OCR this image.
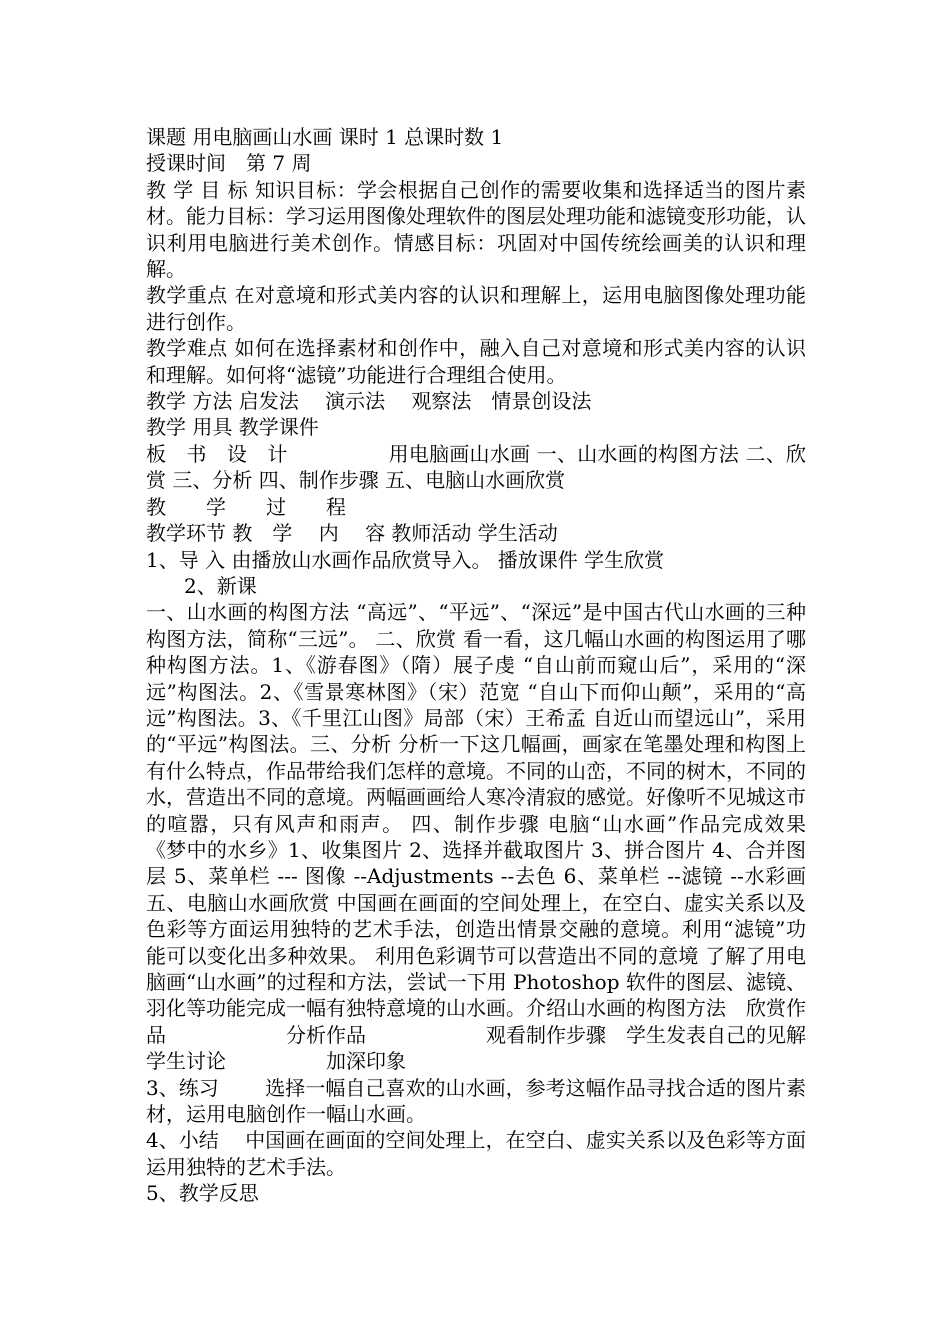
课题 用电脑画山水画 课时 1 总课时数 1

授课时间　第 7 周

教 学 目 标 知识目标：学会根据自己创作的需要收集和选择适当的图片素材。能力目标：学习运用图像处理软件的图层处理功能和滤镜变形功能，认识利用电脑进行美术创作。情感目标：巩固对中国传统绘画美的认识和理解。

教学重点 在对意境和形式美内容的认识和理解上，运用电脑图像处理功能进行创作。

教学难点 如何在选择素材和创作中，融入自己对意境和形式美内容的认识和理解。如何将“滤镜”功能进行合理组合使用。

教学 方法 启发法　 演示法　 观察法　情景创设法

教学 用具 教学课件

板　书　设　计　　　　　用电脑画山水画 一、山水画的构图方法 二、欣赏 三、分析 四、制作步骤 五、电脑山水画欣赏

教　　学　　过　　程

教学环节 教　学　 内　 容 教师活动 学生活动

1、导 入 由播放山水画作品欣赏导入。 播放课件 学生欣赏

2、新课

一、山水画的构图方法 “高远”、“平远”、“深远”是中国古代山水画的三种构图方法，简称“三远”。 二、欣赏 看一看，这几幅山水画的构图运用了哪种构图方法。1、《游春图》（隋）展子虔 “自山前而窥山后”，采用的“深远”构图法。2、《雪景寒林图》（宋）范宽 “自山下而仰山颠”，采用的“高远”构图法。3、《千里江山图》局部（宋）王希孟 自近山而望远山”，采用的“平远”构图法。三、分析 分析一下这几幅画，画家在笔墨处理和构图上有什么特点，作品带给我们怎样的意境。不同的山峦，不同的树木，不同的水，营造出不同的意境。两幅画画给人寒冷清寂的感觉。好像听不见城这市的喧嚣，只有风声和雨声。 四、制作步骤 电脑“山水画”作品完成效果　　《梦中的水乡》1、收集图片 2、选择并截取图片 3、拼合图片 4、合并图层 5、菜单栏 --- 图像 --Adjustments --去色 6、菜单栏 --滤镜 --水彩画 五、电脑山水画欣赏 中国画在画面的空间处理上，在空白、虚实关系以及色彩等方面运用独特的艺术手法，创造出情景交融的意境。利用“滤镜”功能可以变化出多种效果。 利用色彩调节可以营造出不同的意境 了解了用电脑画“山水画”的过程和方法，尝试一下用 Photoshop 软件的图层、滤镜、羽化等功能完成一幅有独特意境的山水画。介绍山水画的构图方法　欣赏作品　　　　　　分析作品　　　　　　观看制作步骤　学生发表自己的见解　　　　学生讨论　　　　　加深印象

3、练习　　 选择一幅自己喜欢的山水画，参考这幅作品寻找合适的图片素材，运用电脑创作一幅山水画。

4、小结　 中国画在画面的空间处理上，在空白、虚实关系以及色彩等方面运用独特的艺术手法。

5、教学反思
